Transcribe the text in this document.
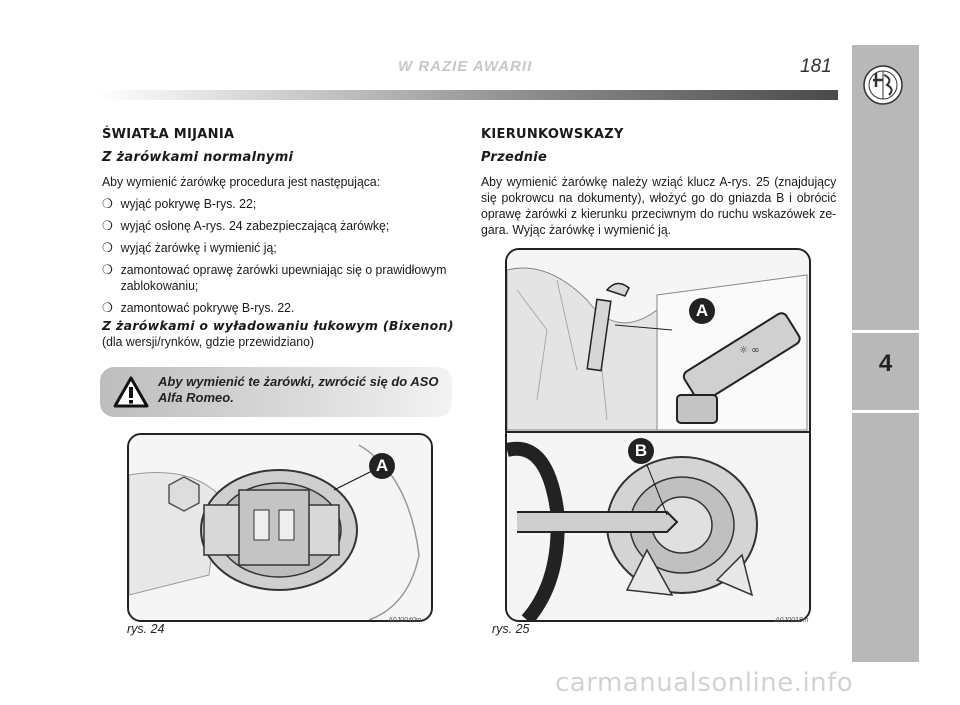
W RAZIE AWARII	181
4
ŚWIATŁA MIJANIA
Z żarówkami normalnymi
Aby wymienić żarówkę procedura jest następująca:
❍ wyjąć pokrywę B-rys. 22;
❍ wyjąć osłonę A-rys. 24 zabezpieczającą żarówkę;
❍ wyjąć żarówkę i wymienić ją;
❍ zamontować oprawę żarówki upewniając się o prawidłowym zablokowaniu;
❍ zamontować pokrywę B-rys. 22.
Z żarówkami o wyładowaniu łukowym (Bixenon)
(dla wersji/rynków, gdzie przewidziano)
Aby wymienić te żarówki, zwrócić się do ASO Alfa Romeo.
A
rys. 24
A0J0040m
KIERUNKOWSKAZY
Przednie
Aby wymienić żarówkę należy wziąć klucz A-rys. 25 (znajdujący się pokrowcu na dokumenty), włożyć go do gniazda B i obrócić oprawę żarówki z kierunku przeciwnym do ruchu wskazówek ze-gara. Wyjąc żarówkę i wymienić ją.
☼ ∞
A
B
rys. 25
A0J0018m
carmanualsonline.info
